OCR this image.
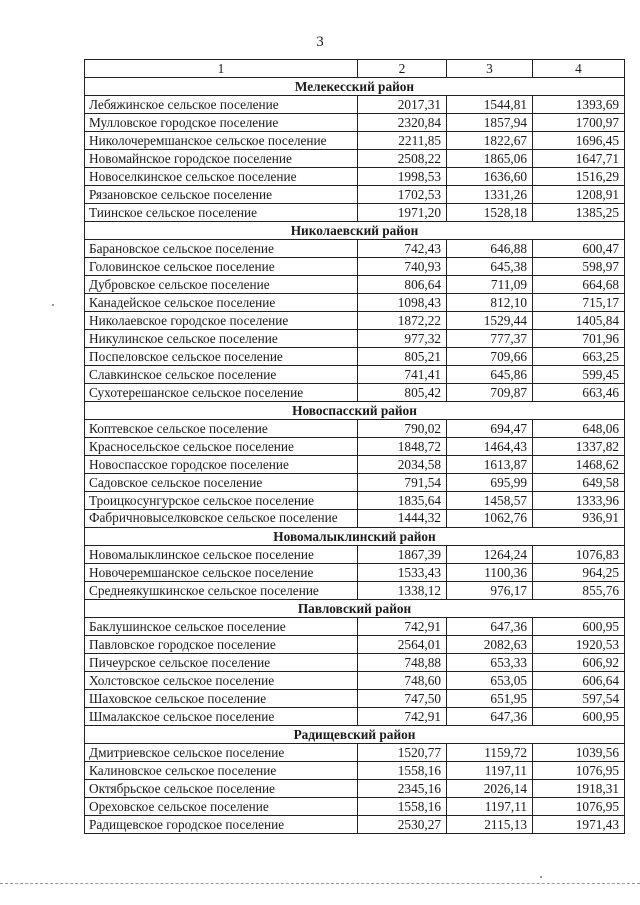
3
1	2	3	4
Мелекесский район			
Лебяжинское сельское поселение	2017,31	1544,81	1393,69
Мулловское городское поселение	2320,84	1857,94	1700,97
Николочеремшанское сельское поселение	2211,85	1822,67	1696,45
Новомайнское городское поселение	2508,22	1865,06	1647,71
Новоселкинское сельское поселение	1998,53	1636,60	1516,29
Рязановское сельское поселение	1702,53	1331,26	1208,91
Тиинское сельское поселение	1971,20	1528,18	1385,25
Николаевский район			
Барановское сельское поселение	742,43	646,88	600,47
Головинское сельское поселение	740,93	645,38	598,97
Дубровское сельское поселение	806,64	711,09	664,68
Канадейское сельское поселение	1098,43	812,10	715,17
Николаевское городское поселение	1872,22	1529,44	1405,84
Никулинское сельское поселение	977,32	777,37	701,96
Поспеловское сельское поселение	805,21	709,66	663,25
Славкинское сельское поселение	741,41	645,86	599,45
Сухотерешанское сельское поселение	805,42	709,87	663,46
Новоспасский район			
Коптевское сельское поселение	790,02	694,47	648,06
Красносельское сельское поселение	1848,72	1464,43	1337,82
Новоспасское городское поселение	2034,58	1613,87	1468,62
Садовское сельское поселение	791,54	695,99	649,58
Троицкосунгурское сельское поселение	1835,64	1458,57	1333,96
Фабричновыселковское сельское поселение	1444,32	1062,76	936,91
Новомалыклинский район			
Новомалыклинское сельское поселение	1867,39	1264,24	1076,83
Новочеремшанское сельское поселение	1533,43	1100,36	964,25
Среднеякушкинское сельское поселение	1338,12	976,17	855,76
Павловский район			
Баклушинское сельское поселение	742,91	647,36	600,95
Павловское городское поселение	2564,01	2082,63	1920,53
Пичеурское сельское поселение	748,88	653,33	606,92
Холстовское сельское поселение	748,60	653,05	606,64
Шаховское сельское поселение	747,50	651,95	597,54
Шмалакское сельское поселение	742,91	647,36	600,95
Радищевский район			
Дмитриевское сельское поселение	1520,77	1159,72	1039,56
Калиновское сельское поселение	1558,16	1197,11	1076,95
Октябрьское сельское поселение	2345,16	2026,14	1918,31
Ореховское сельское поселение	1558,16	1197,11	1076,95
Радищевское городское поселение	2530,27	2115,13	1971,43
